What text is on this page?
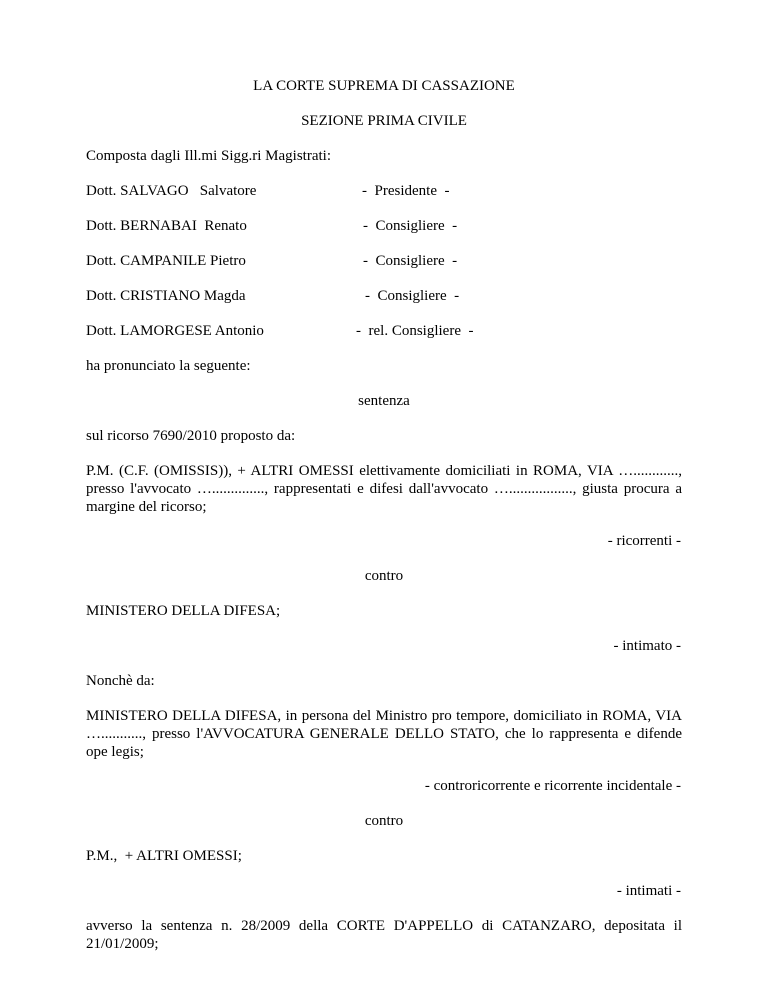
LA CORTE SUPREMA DI CASSAZIONE
SEZIONE PRIMA CIVILE
Composta dagli Ill.mi Sigg.ri Magistrati:
Dott. SALVAGO   Salvatore	-  Presidente  -
Dott. BERNABAI  Renato	-  Consigliere  -
Dott. CAMPANILE Pietro	-  Consigliere  -
Dott. CRISTIANO Magda	-  Consigliere  -
Dott. LAMORGESE Antonio	-  rel. Consigliere  -
ha pronunciato la seguente:
sentenza
sul ricorso 7690/2010 proposto da:
P.M. (C.F. (OMISSIS)), + ALTRI OMESSI elettivamente domiciliati in ROMA, VIA …............, presso l'avvocato ….............., rappresentati e difesi dall'avvocato …................., giusta procura a margine del ricorso;
- ricorrenti -
contro
MINISTERO DELLA DIFESA;
- intimato -
Nonchè da:
MINISTERO DELLA DIFESA, in persona del Ministro pro tempore, domiciliato in ROMA, VIA …..........., presso l'AVVOCATURA GENERALE DELLO STATO, che lo rappresenta e difende ope legis;
- controricorrente e ricorrente incidentale -
contro
P.M.,  + ALTRI OMESSI;
- intimati -
avverso la sentenza n. 28/2009 della CORTE D'APPELLO di CATANZARO, depositata il 21/01/2009;
